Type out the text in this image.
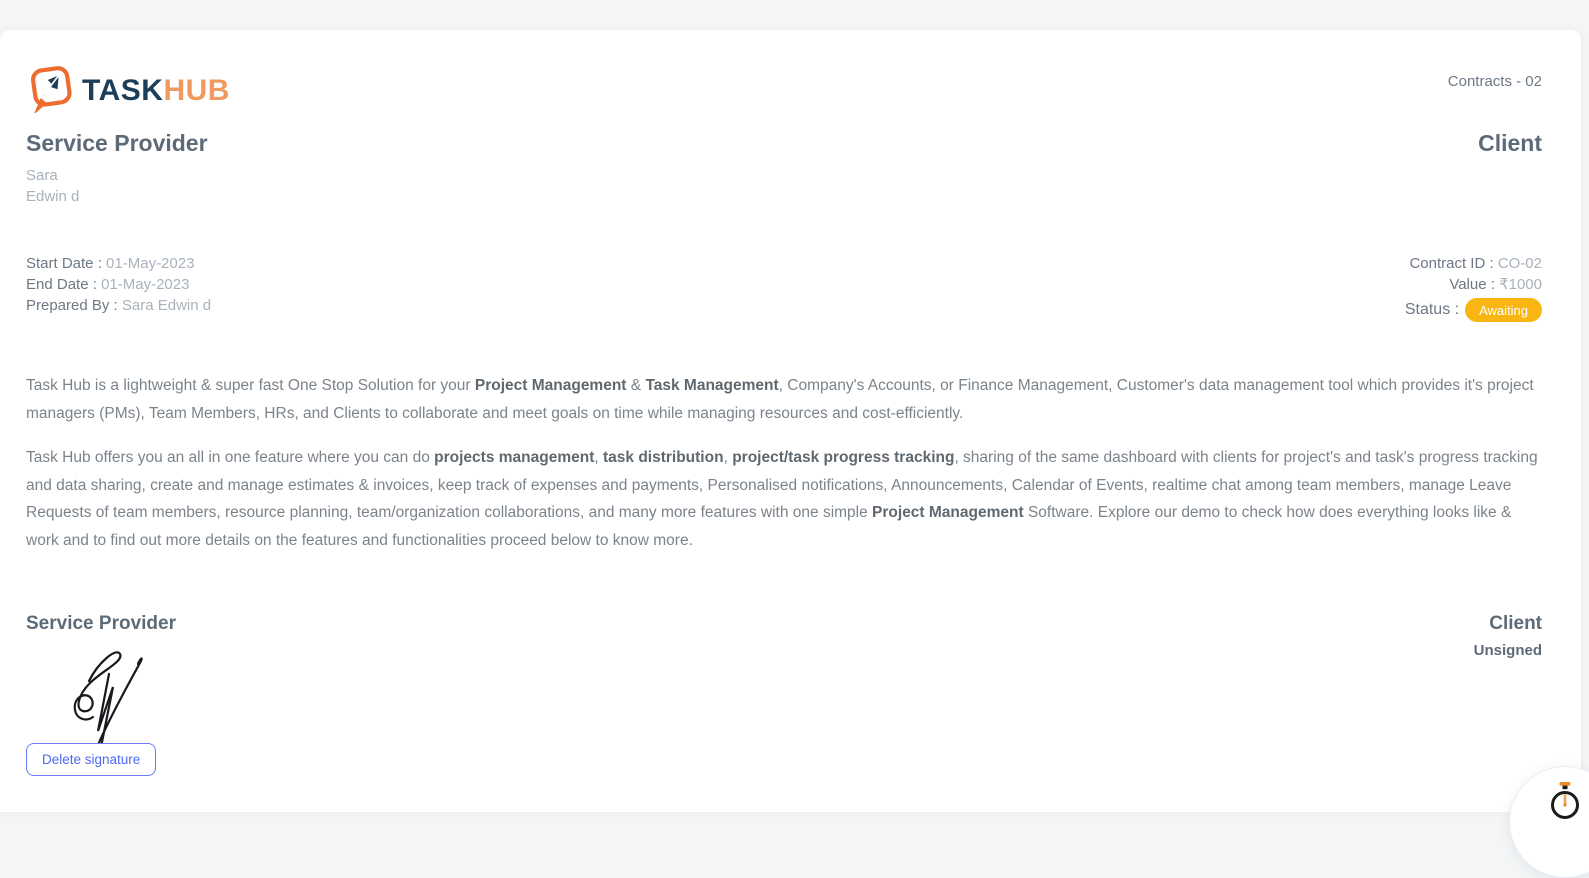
TASKHUB	Contracts - 02
Service Provider
Sara
Edwin d
Client
Start Date : 01-May-2023
End Date : 01-May-2023
Prepared By : Sara Edwin d
Contract ID : CO-02
Value : ₹1000
Status :	Awaiting

Task Hub is a lightweight & super fast One Stop Solution for your Project Management & Task Management, Company's Accounts, or Finance Management, Customer's data management tool which provides it's project managers (PMs), Team Members, HRs, and Clients to collaborate and meet goals on time while managing resources and cost-efficiently.

Task Hub offers you an all in one feature where you can do projects management, task distribution, project/task progress tracking, sharing of the same dashboard with clients for project's and task's progress tracking and data sharing, create and manage estimates & invoices, keep track of expenses and payments, Personalised notifications, Announcements, Calendar of Events, realtime chat among team members, manage Leave Requests of team members, resource planning, team/organization collaborations, and many more features with one simple Project Management Software. Explore our demo to check how does everything looks like & work and to find out more details on the features and functionalities proceed below to know more.

Service Provider
Delete signature
Client
Unsigned
